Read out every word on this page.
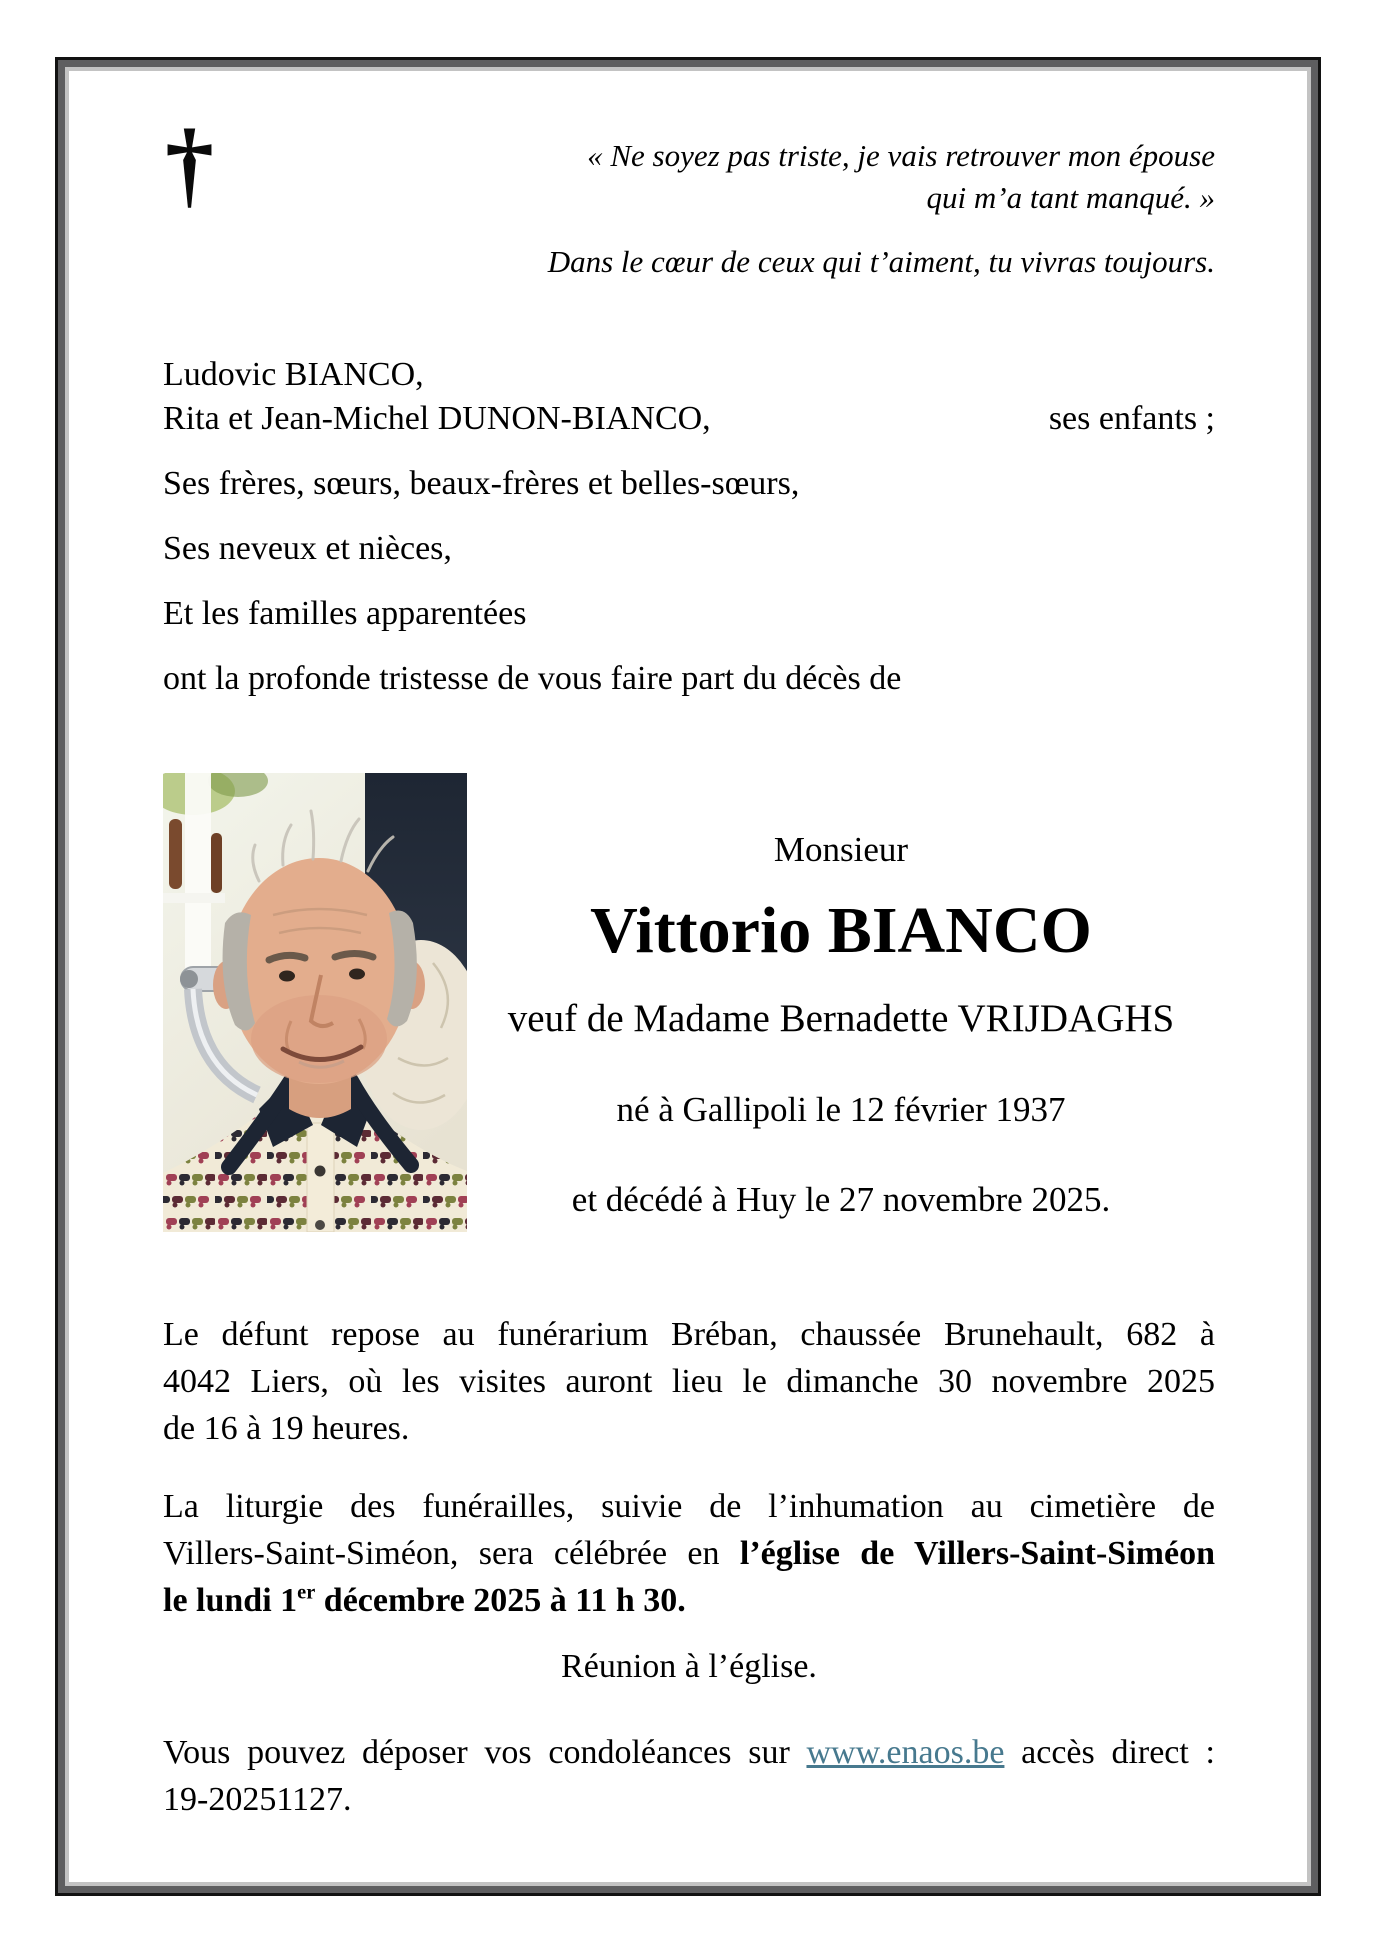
†	« Ne soyez pas triste, je vais retrouver mon épouse
qui m’a tant manqué. »
Dans le cœur de ceux qui t’aiment, tu vivras toujours.
Ludovic BIANCO,
Rita et Jean-Michel DUNON-BIANCO,	ses enfants ;
Ses frères, sœurs, beaux-frères et belles-sœurs,
Ses neveux et nièces,
Et les familles apparentées
ont la profonde tristesse de vous faire part du décès de
Monsieur
Vittorio BIANCO
veuf de Madame Bernadette VRIJDAGHS
né à Gallipoli le 12 février 1937
et décédé à Huy le 27 novembre 2025.
Le défunt repose au funérarium Bréban, chaussée Brunehault, 682 à
4042 Liers, où les visites auront lieu le dimanche 30 novembre 2025
de 16 à 19 heures.
La liturgie des funérailles, suivie de l’inhumation au cimetière de
Villers-Saint-Siméon, sera célébrée en l’église de Villers-Saint-Siméon
le lundi 1er décembre 2025 à 11 h 30.
Réunion à l’église.
Vous pouvez déposer vos condoléances sur www.enaos.be accès direct :
19-20251127.
